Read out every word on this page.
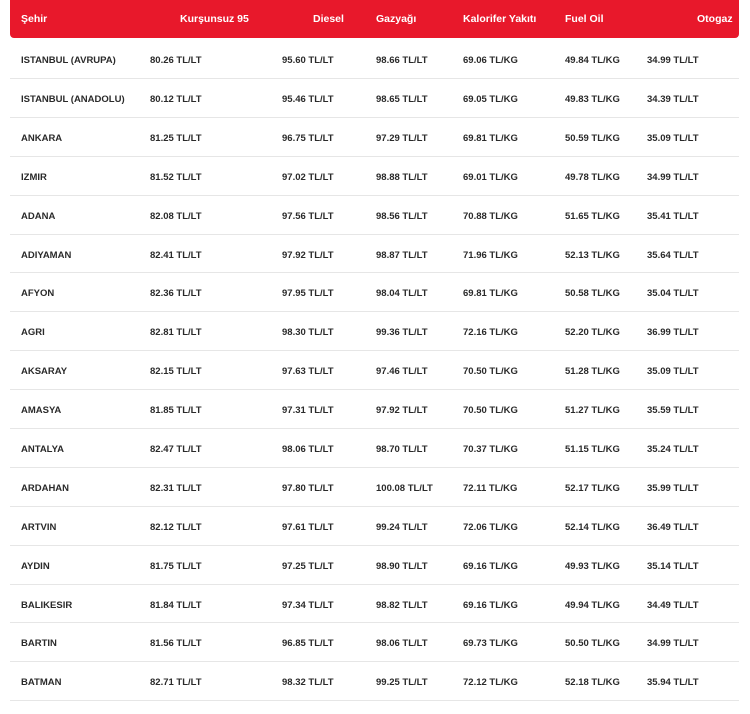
Şehir	Kurşunsuz 95	Diesel	Gazyağı	Kalorifer Yakıtı	Fuel Oil	Otogaz
ISTANBUL (AVRUPA)	80.26 TL/LT	95.60 TL/LT	98.66 TL/LT	69.06 TL/KG	49.84 TL/KG	34.99 TL/LT
ISTANBUL (ANADOLU)	80.12 TL/LT	95.46 TL/LT	98.65 TL/LT	69.05 TL/KG	49.83 TL/KG	34.39 TL/LT
ANKARA	81.25 TL/LT	96.75 TL/LT	97.29 TL/LT	69.81 TL/KG	50.59 TL/KG	35.09 TL/LT
IZMIR	81.52 TL/LT	97.02 TL/LT	98.88 TL/LT	69.01 TL/KG	49.78 TL/KG	34.99 TL/LT
ADANA	82.08 TL/LT	97.56 TL/LT	98.56 TL/LT	70.88 TL/KG	51.65 TL/KG	35.41 TL/LT
ADIYAMAN	82.41 TL/LT	97.92 TL/LT	98.87 TL/LT	71.96 TL/KG	52.13 TL/KG	35.64 TL/LT
AFYON	82.36 TL/LT	97.95 TL/LT	98.04 TL/LT	69.81 TL/KG	50.58 TL/KG	35.04 TL/LT
AGRI	82.81 TL/LT	98.30 TL/LT	99.36 TL/LT	72.16 TL/KG	52.20 TL/KG	36.99 TL/LT
AKSARAY	82.15 TL/LT	97.63 TL/LT	97.46 TL/LT	70.50 TL/KG	51.28 TL/KG	35.09 TL/LT
AMASYA	81.85 TL/LT	97.31 TL/LT	97.92 TL/LT	70.50 TL/KG	51.27 TL/KG	35.59 TL/LT
ANTALYA	82.47 TL/LT	98.06 TL/LT	98.70 TL/LT	70.37 TL/KG	51.15 TL/KG	35.24 TL/LT
ARDAHAN	82.31 TL/LT	97.80 TL/LT	100.08 TL/LT	72.11 TL/KG	52.17 TL/KG	35.99 TL/LT
ARTVIN	82.12 TL/LT	97.61 TL/LT	99.24 TL/LT	72.06 TL/KG	52.14 TL/KG	36.49 TL/LT
AYDIN	81.75 TL/LT	97.25 TL/LT	98.90 TL/LT	69.16 TL/KG	49.93 TL/KG	35.14 TL/LT
BALIKESIR	81.84 TL/LT	97.34 TL/LT	98.82 TL/LT	69.16 TL/KG	49.94 TL/KG	34.49 TL/LT
BARTIN	81.56 TL/LT	96.85 TL/LT	98.06 TL/LT	69.73 TL/KG	50.50 TL/KG	34.99 TL/LT
BATMAN	82.71 TL/LT	98.32 TL/LT	99.25 TL/LT	72.12 TL/KG	52.18 TL/KG	35.94 TL/LT
